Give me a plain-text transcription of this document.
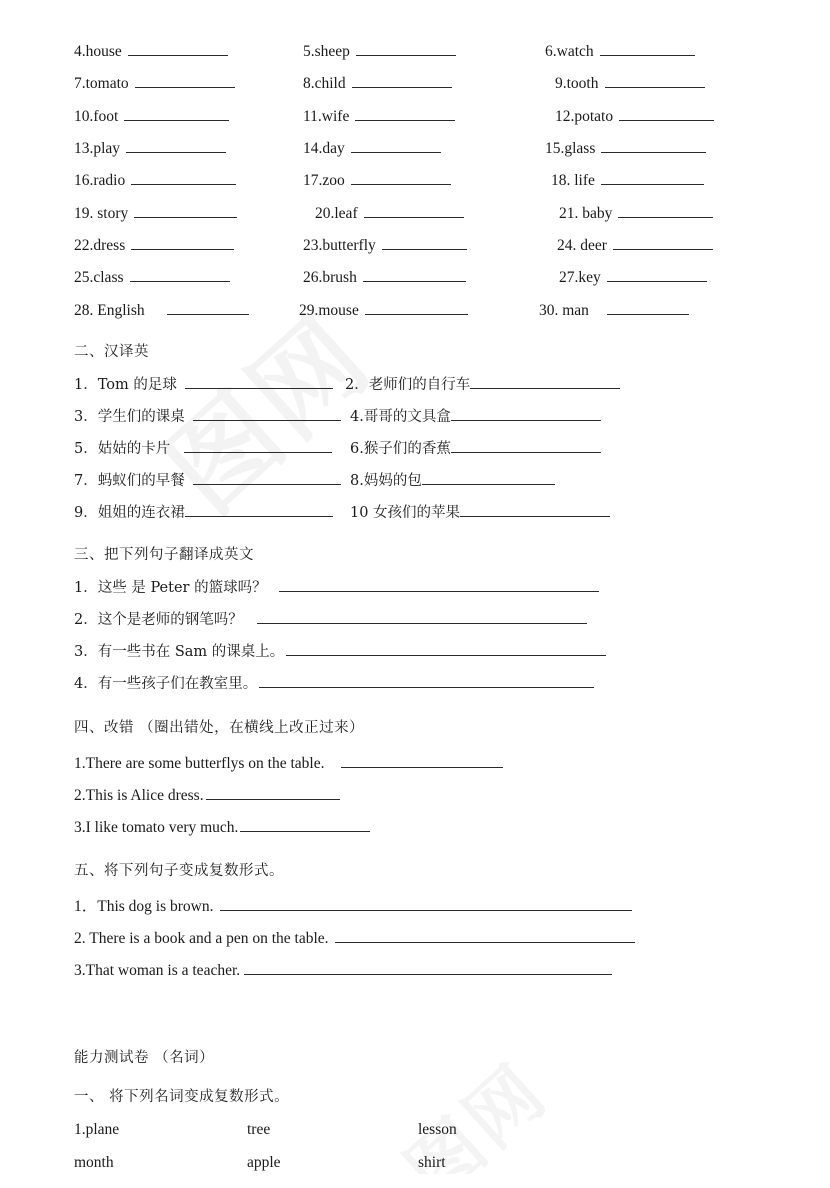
4.house	5.sheep	6.watch
7.tomato	8.child	9.tooth
10.foot	11.wife	12.potato
13.play	14.day	15.glass
16.radio	17.zoo	18. life
19. story	20.leaf	21. baby
22.dress	23.butterfly	24. deer
25.class	26.brush	27.key
28. English	29.mouse	30. man
二、汉译英
1．Tom 的足球	2．老师们的自行车
3．学生们的课桌	4.哥哥的文具盒
5．姑姑的卡片	6.猴子们的香蕉
7．蚂蚁们的早餐	8.妈妈的包
9．姐姐的连衣裙	10 女孩们的苹果
三、把下列句子翻译成英文
1．这些 是 Peter 的篮球吗？
2．这个是老师的钢笔吗？
3．有一些书在 Sam 的课桌上。
4．有一些孩子们在教室里。
四、改错 （圈出错处，在横线上改正过来）
1.There are some butterflys on the table.
2.This is Alice dress.
3.I like tomato very much.
五、将下列句子变成复数形式。
1．This dog is brown.
2. There is a book and a pen on the table.
3.That woman is a teacher.
能力测试卷 （名词）
一、 将下列名词变成复数形式。
1.plane	tree	lesson
month	apple	shirt
